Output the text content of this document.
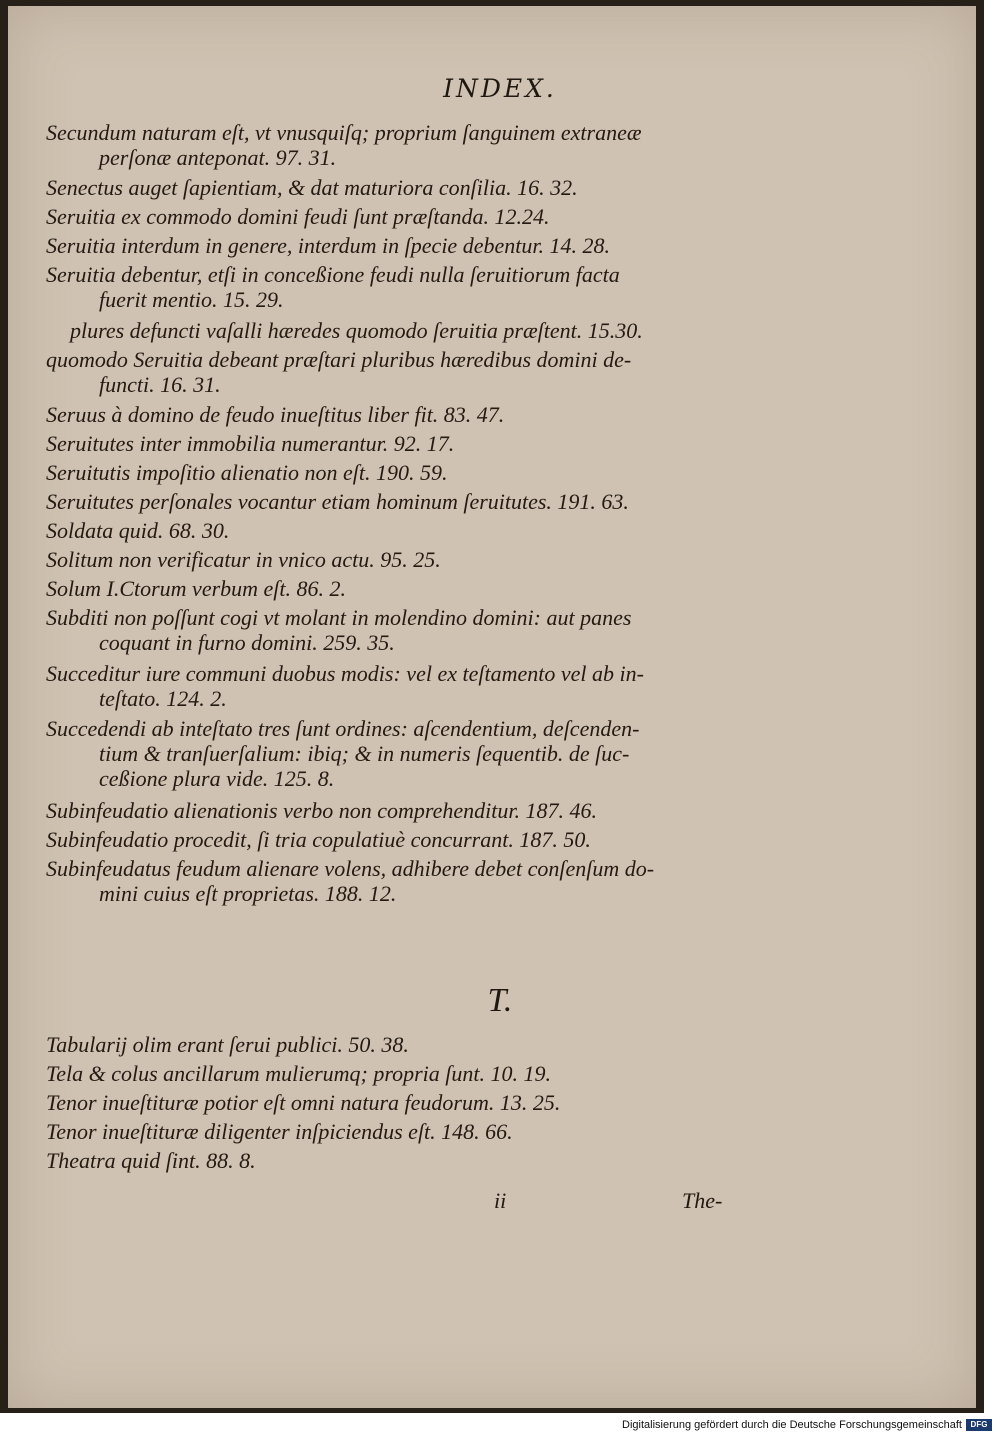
INDEX.
T.
ii	The-
Digitalisierung gefördert durch die Deutsche Forschungsgemeinschaft	DFG
Secundum naturam eſt, vt vnusquiſq; proprium ſanguinem extraneæ
perſonæ anteponat. 97. 31.
Senectus auget ſapientiam, & dat maturiora conſilia. 16. 32.
Seruitia ex commodo domini feudi ſunt præſtanda. 12.24.
Seruitia interdum in genere, interdum in ſpecie debentur. 14. 28.
Seruitia debentur, etſi in conceßione feudi nulla ſeruitiorum facta
fuerit mentio. 15. 29.
plures defuncti vaſalli hæredes quomodo ſeruitia præſtent. 15.30.
quomodo Seruitia debeant præſtari pluribus hæredibus domini de-
functi. 16. 31.
Seruus à domino de feudo inueſtitus liber fit. 83. 47.
Seruitutes inter immobilia numerantur. 92. 17.
Seruitutis impoſitio alienatio non eſt. 190. 59.
Seruitutes perſonales vocantur etiam hominum ſeruitutes. 191. 63.
Soldata quid. 68. 30.
Solitum non verificatur in vnico actu. 95. 25.
Solum I.Ctorum verbum eſt. 86. 2.
Subditi non poſſunt cogi vt molant in molendino domini: aut panes
coquant in furno domini. 259. 35.
Succeditur iure communi duobus modis: vel ex teſtamento vel ab in-
teſtato. 124. 2.
Succedendi ab inteſtato tres ſunt ordines: aſcendentium, deſcenden-
tium & tranſuerſalium: ibiq; & in numeris ſequentib. de ſuc-
ceßione plura vide. 125. 8.
Subinfeudatio alienationis verbo non comprehenditur. 187. 46.
Subinfeudatio procedit, ſi tria copulatiuè concurrant. 187. 50.
Subinfeudatus feudum alienare volens, adhibere debet conſenſum do-
mini cuius eſt proprietas. 188. 12.
Tabularij olim erant ſerui publici. 50. 38.
Tela & colus ancillarum mulierumq; propria ſunt. 10. 19.
Tenor inueſtituræ potior eſt omni natura feudorum. 13. 25.
Tenor inueſtituræ diligenter inſpiciendus eſt. 148. 66.
Theatra quid ſint. 88. 8.
